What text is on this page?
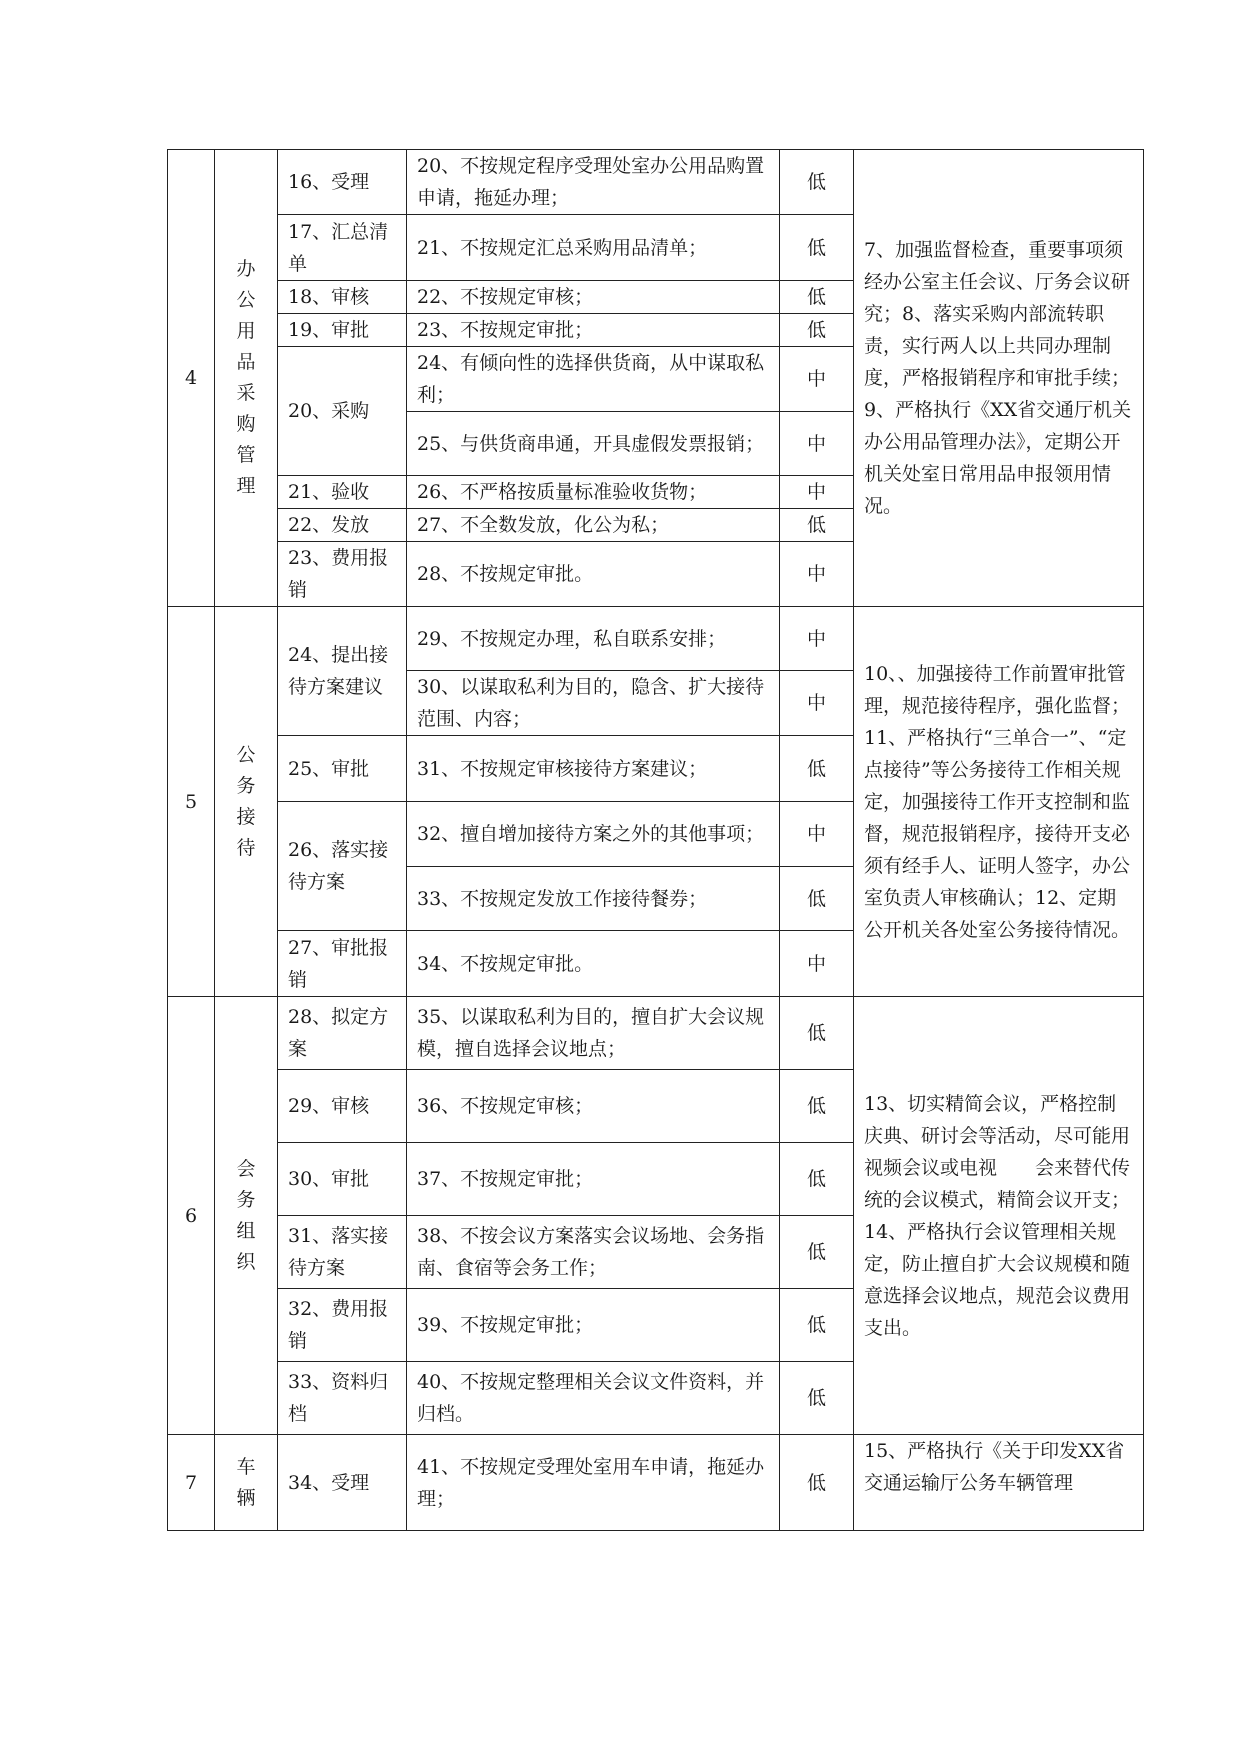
4	办公用品采购管理	16、受理	20、不按规定程序受理处室办公用品购置申请，拖延办理；	低	7、加强监督检查，重要事项须经办公室主任会议、厅务会议研究；8、落实采购内部流转职责，实行两人以上共同办理制度，严格报销程序和审批手续；9、严格执行《XX省交通厅机关办公用品管理办法》，定期公开机关处室日常用品申报领用情况。
		17、汇总清单	21、不按规定汇总采购用品清单；	低	
		18、审核	22、不按规定审核；	低	
		19、审批	23、不按规定审批；	低	
		20、采购	24、有倾向性的选择供货商，从中谋取私利；	中	
			25、与供货商串通，开具虚假发票报销；	中	
		21、验收	26、不严格按质量标准验收货物；	中	
		22、发放	27、不全数发放，化公为私；	低	
		23、费用报销	28、不按规定审批。	中	
5	公务接待	24、提出接待方案建议	29、不按规定办理，私自联系安排；	中	10、、加强接待工作前置审批管理，规范接待程序，强化监督；11、严格执行“三单合一”、“定点接待”等公务接待工作相关规定，加强接待工作开支控制和监督，规范报销程序，接待开支必须有经手人、证明人签字，办公室负责人审核确认；12、定期公开机关各处室公务接待情况。
			30、以谋取私利为目的，隐含、扩大接待范围、内容；	中	
		25、审批	31、不按规定审核接待方案建议；	低	
		26、落实接待方案	32、擅自增加接待方案之外的其他事项；	中	
			33、不按规定发放工作接待餐券；	低	
		27、审批报销	34、不按规定审批。	中	
6	会务组织	28、拟定方案	35、以谋取私利为目的，擅自扩大会议规模，擅自选择会议地点；	低	13、切实精简会议，严格控制庆典、研讨会等活动，尽可能用视频会议或电视　　会来替代传统的会议模式，精简会议开支；14、严格执行会议管理相关规定，防止擅自扩大会议规模和随意选择会议地点，规范会议费用支出。
		29、审核	36、不按规定审核；	低	
		30、审批	37、不按规定审批；	低	
		31、落实接待方案	38、不按会议方案落实会议场地、会务指南、食宿等会务工作；	低	
		32、费用报销	39、不按规定审批；	低	
		33、资料归档	40、不按规定整理相关会议文件资料，并归档。	低	
7	车辆	34、受理	41、不按规定受理处室用车申请，拖延办理；	低	15、严格执行《关于印发XX省交通运输厅公务车辆管理
